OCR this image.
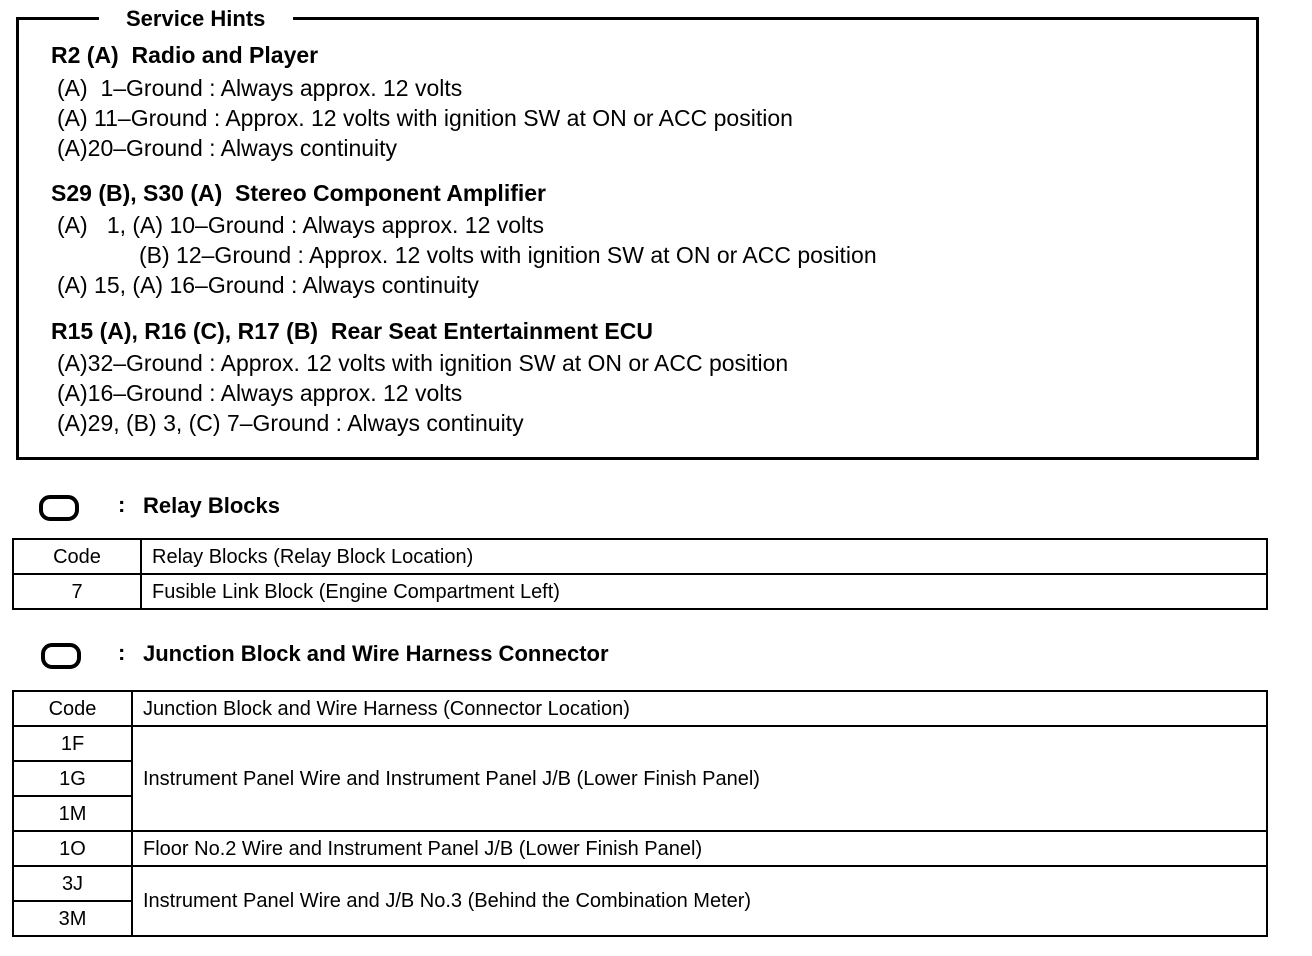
Service Hints
R2 (A)  Radio and Player
(A)  1–Ground : Always approx. 12 volts
(A) 11–Ground : Approx. 12 volts with ignition SW at ON or ACC position
(A)20–Ground : Always continuity
S29 (B), S30 (A)  Stereo Component Amplifier
(A)   1, (A) 10–Ground : Always approx. 12 volts
(B) 12–Ground : Approx. 12 volts with ignition SW at ON or ACC position
(A) 15, (A) 16–Ground : Always continuity
R15 (A), R16 (C), R17 (B)  Rear Seat Entertainment ECU
(A)32–Ground : Approx. 12 volts with ignition SW at ON or ACC position
(A)16–Ground : Always approx. 12 volts
(A)29, (B) 3, (C) 7–Ground : Always continuity
: Relay Blocks
Code	Relay Blocks (Relay Block Location)
7	Fusible Link Block (Engine Compartment Left)
: Junction Block and Wire Harness Connector
Code	Junction Block and Wire Harness (Connector Location)
1F	Instrument Panel Wire and Instrument Panel J/B (Lower Finish Panel)
1G	
1M	
1O	Floor No.2 Wire and Instrument Panel J/B (Lower Finish Panel)
3J	Instrument Panel Wire and J/B No.3 (Behind the Combination Meter)
3M	
